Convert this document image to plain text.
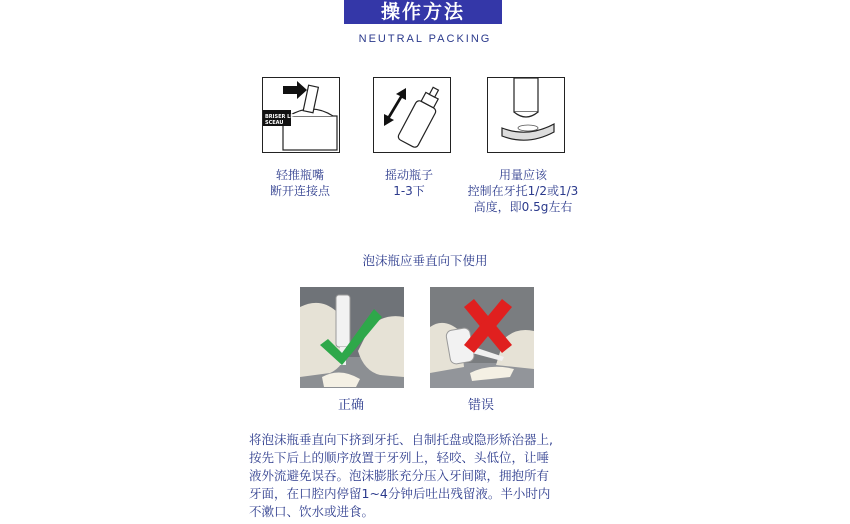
操作方法
NEUTRAL PACKING
BRISER LE
SCEAU
轻推瓶嘴
断开连接点
摇动瓶子
1-3下
用量应该
控制在牙托1/2或1/3
高度，即0.5g左右
泡沫瓶应垂直向下使用
正确	错误
将泡沫瓶垂直向下挤到牙托、自制托盘或隐形矫治器上,
按先下后上的顺序放置于牙列上，轻咬、头低位，让唾
液外流避免误吞。泡沫膨胀充分压入牙间隙，拥抱所有
牙面，在口腔内停留1~4分钟后吐出残留液。半小时内
不漱口、饮水或进食。
